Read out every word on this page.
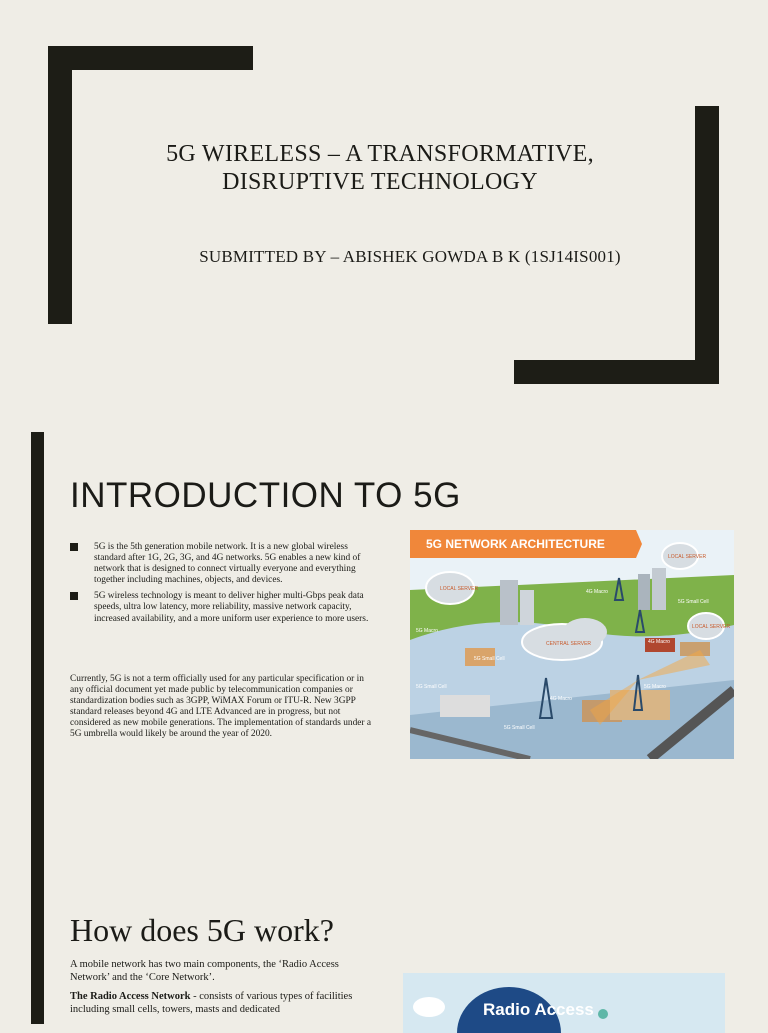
5G WIRELESS – A TRANSFORMATIVE,
DISRUPTIVE TECHNOLOGY
SUBMITTED BY – ABISHEK GOWDA B K (1SJ14IS001)
INTRODUCTION TO 5G
5G is the 5th generation mobile network. It is a new global wireless standard after 1G, 2G, 3G, and 4G networks. 5G enables a new kind of network that is designed to connect virtually everyone and everything together including machines, objects, and devices.
5G wireless technology is meant to deliver higher multi-Gbps peak data speeds, ultra low latency, more reliability, massive network capacity, increased availability, and a more uniform user experience to more users.
Currently, 5G is not a term officially used for any particular specification or in any official document yet made public by telecommunication companies or standardization bodies such as 3GPP, WiMAX Forum or ITU-R. New 3GPP standard releases beyond 4G and LTE Advanced are in progress, but not considered as new mobile generations. The implementation of standards under a 5G umbrella would likely be around the year of 2020.
5G NETWORK ARCHITECTURE
LOCAL SERVER
LOCAL SERVER
LOCAL SERVER
CENTRAL SERVER
4G Macro
5G Small Cell
5G Macro
5G Small Cell
4G Macro
5G Small Cell
4G Macro
5G Macro
5G Small Cell
How does 5G work?
A mobile network has two main components, the ‘Radio Access Network’ and the ‘Core Network’.
The Radio Access Network - consists of various types of facilities including small cells, towers, masts and dedicated	Radio Access
